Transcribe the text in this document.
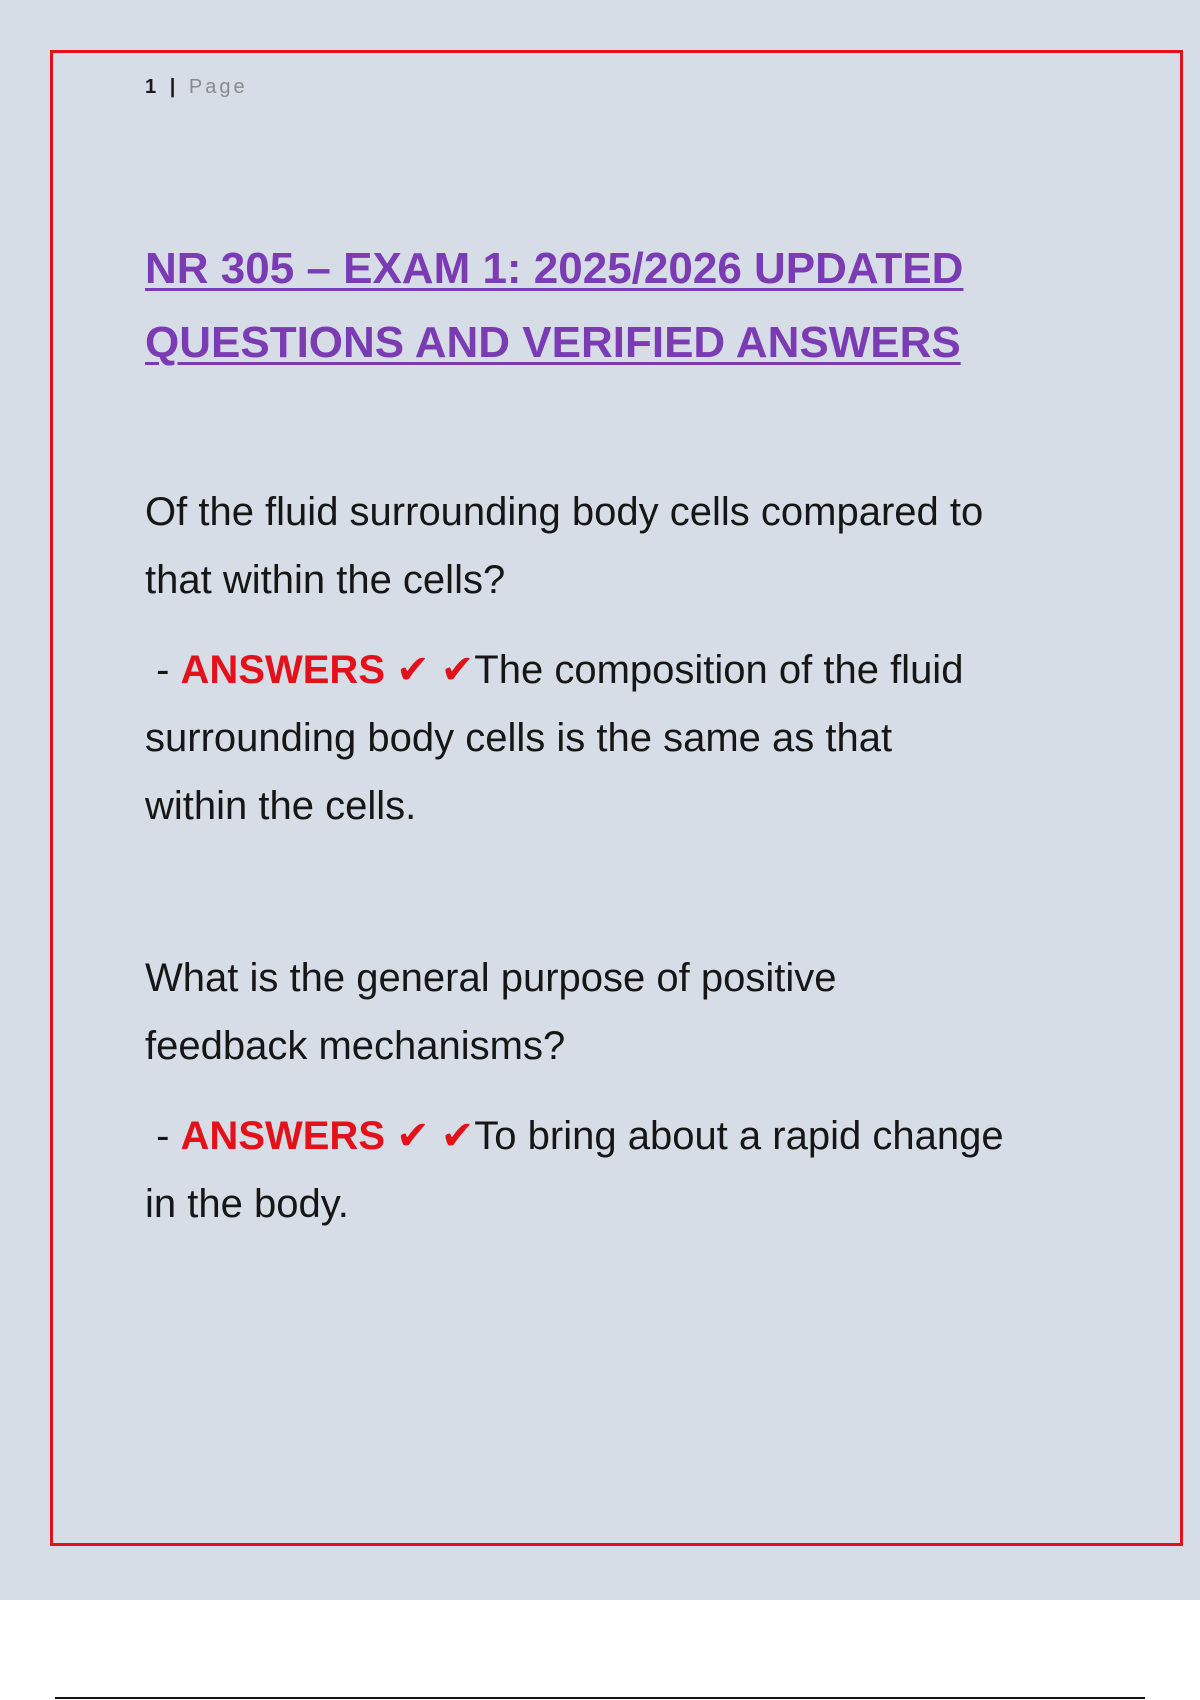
1 | Page
NR 305 – EXAM 1: 2025/2026 UPDATED
QUESTIONS AND VERIFIED ANSWERS

Of the fluid surrounding body cells compared to
that within the cells?

- ANSWERS ✔ ✔The composition of the fluid
surrounding body cells is the same as that
within the cells.

What is the general purpose of positive
feedback mechanisms?

- ANSWERS ✔ ✔To bring about a rapid change
in the body.
